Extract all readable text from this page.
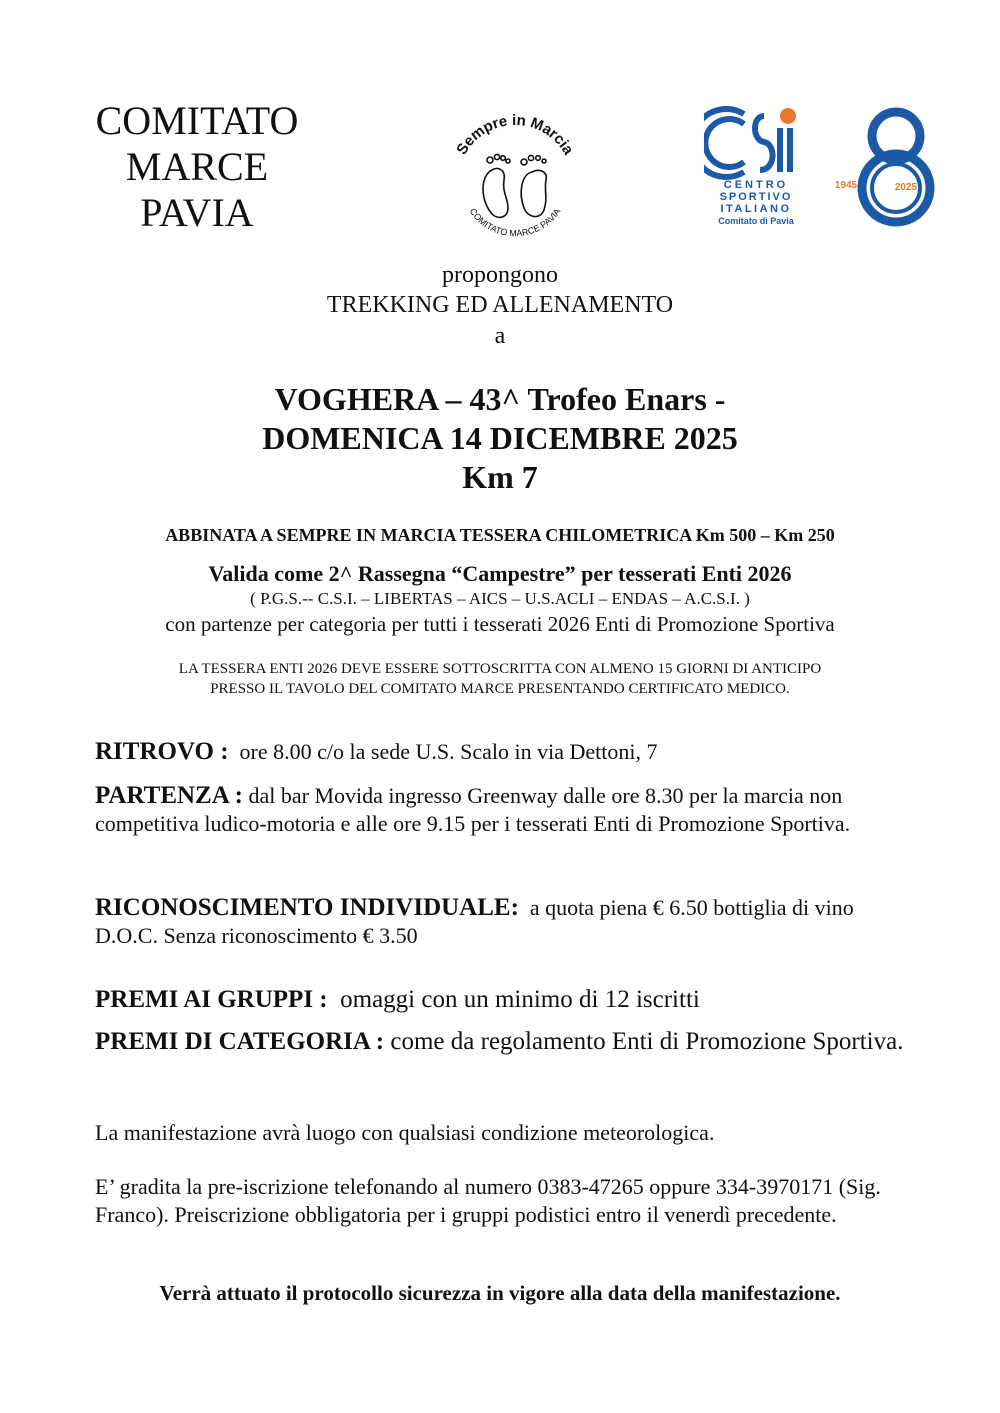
COMITATO
MARCE
PAVIA
Sempre in Marcia
COMITATO MARCE PAVIA
CENTRO
SPORTIVO
ITALIANO
Comitato di Pavia
1945	2025
propongono
TREKKING ED ALLENAMENTO
a
VOGHERA – 43^ Trofeo Enars -
DOMENICA 14 DICEMBRE 2025
Km 7
ABBINATA A SEMPRE IN MARCIA TESSERA CHILOMETRICA Km 500 – Km 250
Valida come 2^ Rassegna “Campestre” per tesserati Enti 2026
( P.G.S.-- C.S.I. – LIBERTAS – AICS – U.S.ACLI – ENDAS – A.C.S.I. )
con partenze per categoria per tutti i tesserati 2026 Enti di Promozione Sportiva
LA TESSERA ENTI 2026 DEVE ESSERE SOTTOSCRITTA CON ALMENO 15 GIORNI DI ANTICIPO
PRESSO IL TAVOLO DEL COMITATO MARCE PRESENTANDO CERTIFICATO MEDICO.
RITROVO : ore 8.00 c/o la sede U.S. Scalo in via Dettoni, 7
PARTENZA : dal bar Movida ingresso Greenway dalle ore 8.30 per la marcia non competitiva ludico-motoria e alle ore 9.15 per i tesserati Enti di Promozione Sportiva.
RICONOSCIMENTO INDIVIDUALE: a quota piena € 6.50 bottiglia di vino D.O.C. Senza riconoscimento € 3.50
PREMI AI GRUPPI : omaggi con un minimo di 12 iscritti
PREMI DI CATEGORIA : come da regolamento Enti di Promozione Sportiva.
La manifestazione avrà luogo con qualsiasi condizione meteorologica.
E’ gradita la pre-iscrizione telefonando al numero 0383-47265 oppure 334-3970171 (Sig. Franco). Preiscrizione obbligatoria per i gruppi podistici entro il venerdì precedente.
Verrà attuato il protocollo sicurezza in vigore alla data della manifestazione.
